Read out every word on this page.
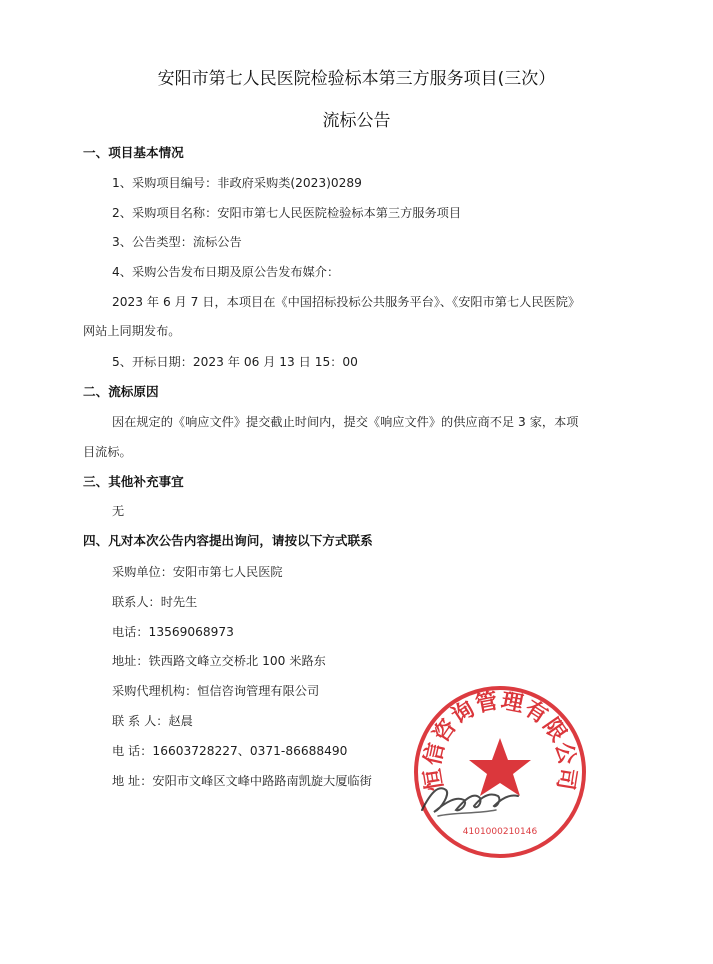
安阳市第七人民医院检验标本第三方服务项目(三次）
流标公告
一、项目基本情况
1、采购项目编号：非政府采购类(2023)0289
2、采购项目名称：安阳市第七人民医院检验标本第三方服务项目
3、公告类型：流标公告
4、采购公告发布日期及原公告发布媒介：
2023 年 6 月 7 日，本项目在《中国招标投标公共服务平台》、《安阳市第七人民医院》
网站上同期发布。
5、开标日期：2023 年 06 月 13 日 15：00
二、流标原因
因在规定的《响应文件》提交截止时间内，提交《响应文件》的供应商不足 3 家，本项
目流标。
三、其他补充事宜
无
四、凡对本次公告内容提出询问，请按以下方式联系
采购单位：安阳市第七人民医院
联系人：时先生
电话：13569068973
地址：铁西路文峰立交桥北 100 米路东
采购代理机构：恒信咨询管理有限公司
联 系 人：赵晨
电 话：16603728227、0371-86688490
地 址：安阳市文峰区文峰中路路南凯旋大厦临街 恒信咨询管理有限公司
4101000210146
